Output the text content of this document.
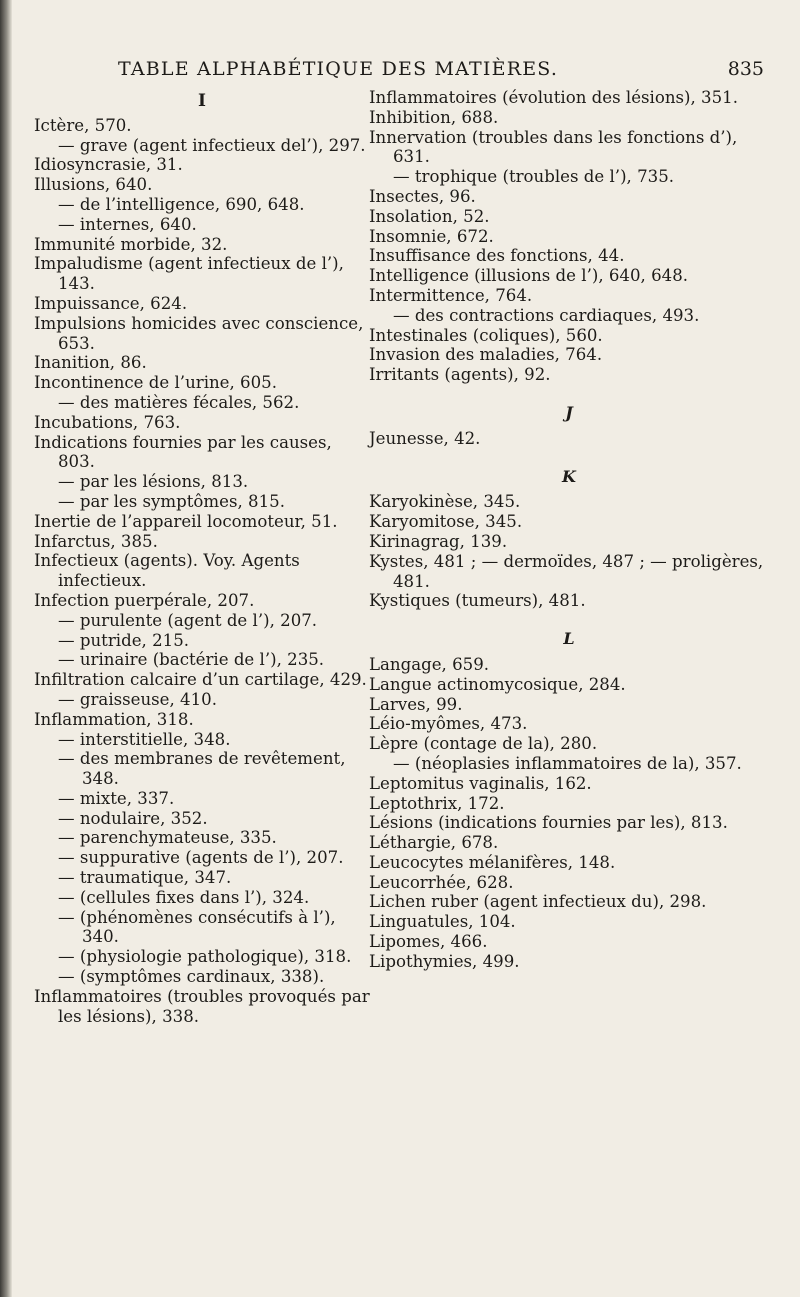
TABLE ALPHABÉTIQUE DES MATIÈRES.	835

I

Ictère, 570.

— grave (agent infectieux del’), 297.

Idiosyncrasie, 31.

Illusions, 640.

— de l’intelligence, 690, 648.

— internes, 640.

Immunité morbide, 32.

Impaludisme (agent infectieux de l’), 143.

Impuissance, 624.

Impulsions homicides avec conscience, 653.

Inanition, 86.

Incontinence de l’urine, 605.

— des matières fécales, 562.

Incubations, 763.

Indications fournies par les causes, 803.

— par les lésions, 813.

— par les symptômes, 815.

Inertie de l’appareil locomoteur, 51.

Infarctus, 385.

Infectieux (agents). Voy. Agents infectieux.

Infection puerpérale, 207.

— purulente (agent de l’), 207.

— putride, 215.

— urinaire (bactérie de l’), 235.

Infiltration calcaire d’un cartilage, 429.

— graisseuse, 410.

Inflammation, 318.

— interstitielle, 348.

— des membranes de revêtement, 348.

— mixte, 337.

— nodulaire, 352.

— parenchymateuse, 335.

— suppurative (agents de l’), 207.

— traumatique, 347.

— (cellules fixes dans l’), 324.

— (phénomènes consécutifs à l’), 340.

— (physiologie pathologique), 318.

— (symptômes cardinaux, 338).

Inflammatoires (troubles provoqués par les lésions), 338.

Inflammatoires (évolution des lésions), 351.

Inhibition, 688.

Innervation (troubles dans les fonctions d’), 631.

— trophique (troubles de l’), 735.

Insectes, 96.

Insolation, 52.

Insomnie, 672.

Insuffisance des fonctions, 44.

Intelligence (illusions de l’), 640, 648.

Intermittence, 764.

— des contractions cardiaques, 493.

Intestinales (coliques), 560.

Invasion des maladies, 764.

Irritants (agents), 92.

J

Jeunesse, 42.

K

Karyokinèse, 345.

Karyomitose, 345.

Kirinagrag, 139.

Kystes, 481 ; — dermoïdes, 487 ; — proligères, 481.

Kystiques (tumeurs), 481.

L

Langage, 659.

Langue actinomycosique, 284.

Larves, 99.

Léio-myômes, 473.

Lèpre (contage de la), 280.

— (néoplasies inflammatoires de la), 357.

Leptomitus vaginalis, 162.

Leptothrix, 172.

Lésions (indications fournies par les), 813.

Léthargie, 678.

Leucocytes mélanifères, 148.

Leucorrhée, 628.

Lichen ruber (agent infectieux du), 298.

Linguatules, 104.

Lipomes, 466.

Lipothymies, 499.
